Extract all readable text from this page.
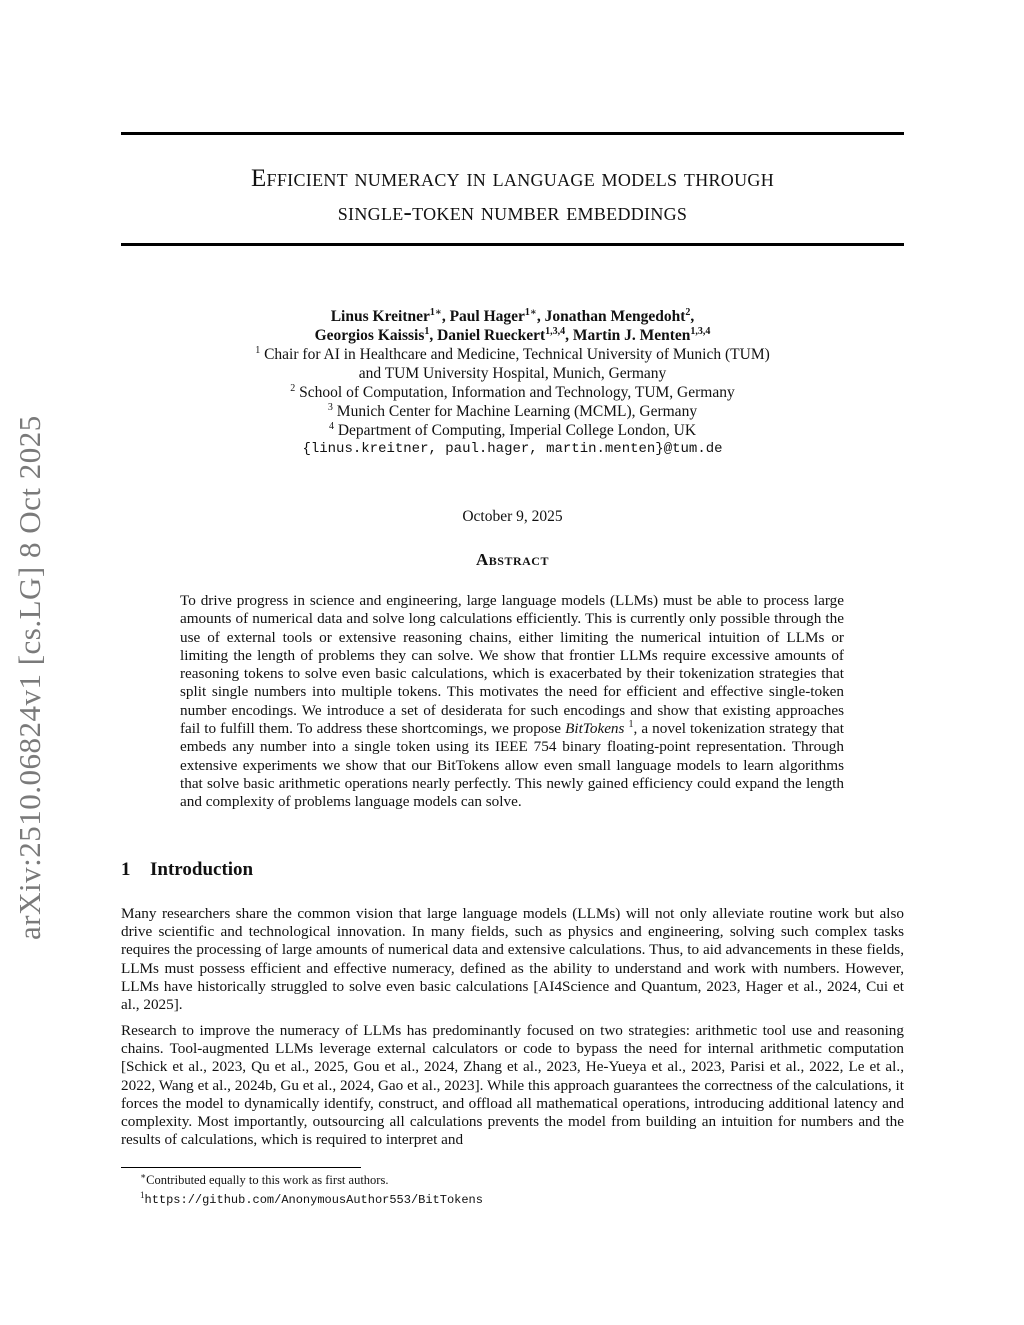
arXiv:2510.06824v1 [cs.LG] 8 Oct 2025
Efficient numeracy in language models through
single-token number embeddings
Linus Kreitner$^{1∗}$, Paul Hager$^{1∗}$, Jonathan Mengedoht$^2$,
Georgios Kaissis$^1$, Daniel Rueckert$^{1,3,4}$, Martin J. Menten$^{1,3,4}$
$^1$ Chair for AI in Healthcare and Medicine, Technical University of Munich (TUM)
and TUM University Hospital, Munich, Germany
$^2$ School of Computation, Information and Technology, TUM, Germany
$^3$ Munich Center for Machine Learning (MCML), Germany
$^4$ Department of Computing, Imperial College London, UK
{linus.kreitner, paul.hager, martin.menten}@tum.de
October 9, 2025
Abstract
To drive progress in science and engineering, large language models (LLMs) must be able to process large amounts of numerical data and solve long calculations efficiently. This is currently only possible through the use of external tools or extensive reasoning chains, either limiting the numerical intuition of LLMs or limiting the length of problems they can solve. We show that frontier LLMs require excessive amounts of reasoning tokens to solve even basic calculations, which is exacerbated by their tokenization strategies that split single numbers into multiple tokens. This motivates the need for efficient and effective single-token number encodings. We introduce a set of desiderata for such encodings and show that existing approaches fail to fulfill them. To address these shortcomings, we propose BitTokens $^1$, a novel tokenization strategy that embeds any number into a single token using its IEEE 754 binary floating-point representation. Through extensive experiments we show that our BitTokens allow even small language models to learn algorithms that solve basic arithmetic operations nearly perfectly. This newly gained efficiency could expand the length and complexity of problems language models can solve.
1 Introduction
Many researchers share the common vision that large language models (LLMs) will not only alleviate routine work but also drive scientific and technological innovation. In many fields, such as physics and engineering, solving such complex tasks requires the processing of large amounts of numerical data and extensive calculations. Thus, to aid advancements in these fields, LLMs must possess efficient and effective numeracy, defined as the ability to understand and work with numbers. However, LLMs have historically struggled to solve even basic calculations [AI4Science and Quantum, 2023, Hager et al., 2024, Cui et al., 2025].
Research to improve the numeracy of LLMs has predominantly focused on two strategies: arithmetic tool use and reasoning chains. Tool-augmented LLMs leverage external calculators or code to bypass the need for internal arithmetic computation [Schick et al., 2023, Qu et al., 2025, Gou et al., 2024, Zhang et al., 2023, He-Yueya et al., 2023, Parisi et al., 2022, Le et al., 2022, Wang et al., 2024b, Gu et al., 2024, Gao et al., 2023]. While this approach guarantees the correctness of the calculations, it forces the model to dynamically identify, construct, and offload all mathematical operations, introducing additional latency and complexity. Most importantly, outsourcing all calculations prevents the model from building an intuition for numbers and the results of calculations, which is required to interpret and
∗Contributed equally to this work as first authors.
$^1$https://github.com/AnonymousAuthor553/BitTokens
